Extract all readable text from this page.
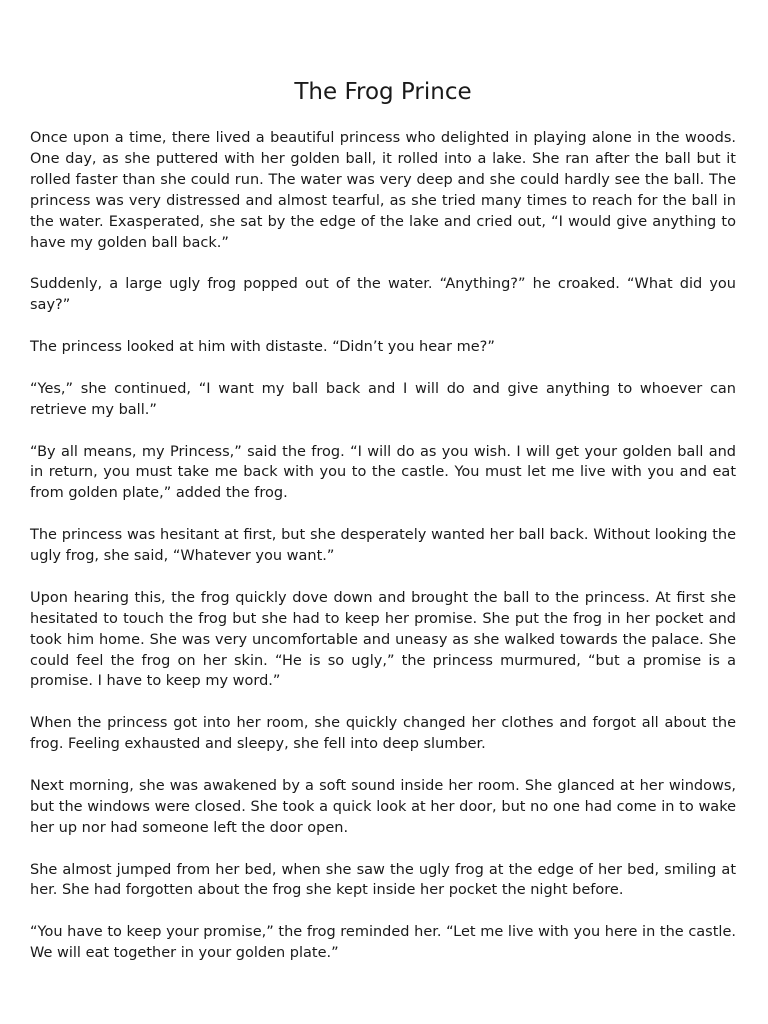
The Frog Prince

Once upon a time, there lived a beautiful princess who delighted in playing alone in the woods. One day, as she puttered with her golden ball, it rolled into a lake. She ran after the ball but it rolled faster than she could run. The water was very deep and she could hardly see the ball. The princess was very distressed and almost tearful, as she tried many times to reach for the ball in the water. Exasperated, she sat by the edge of the lake and cried out, “I would give anything to have my golden ball back.”

Suddenly, a large ugly frog popped out of the water. “Anything?” he croaked. “What did you say?”

The princess looked at him with distaste. “Didn’t you hear me?”

“Yes,” she continued, “I want my ball back and I will do and give anything to whoever can retrieve my ball.”

“By all means, my Princess,” said the frog. “I will do as you wish. I will get your golden ball and in return, you must take me back with you to the castle. You must let me live with you and eat from golden plate,” added the frog.

The princess was hesitant at first, but she desperately wanted her ball back. Without looking the ugly frog, she said, “Whatever you want.”

Upon hearing this, the frog quickly dove down and brought the ball to the princess. At first she hesitated to touch the frog but she had to keep her promise. She put the frog in her pocket and took him home. She was very uncomfortable and uneasy as she walked towards the palace. She could feel the frog on her skin. “He is so ugly,” the princess murmured, “but a promise is a promise. I have to keep my word.”

When the princess got into her room, she quickly changed her clothes and forgot all about the frog. Feeling exhausted and sleepy, she fell into deep slumber.

Next morning, she was awakened by a soft sound inside her room. She glanced at her windows, but the windows were closed. She took a quick look at her door, but no one had come in to wake her up nor had someone left the door open.

She almost jumped from her bed, when she saw the ugly frog at the edge of her bed, smiling at her. She had forgotten about the frog she kept inside her pocket the night before.

“You have to keep your promise,” the frog reminded her. “Let me live with you here in the castle. We will eat together in your golden plate.”
